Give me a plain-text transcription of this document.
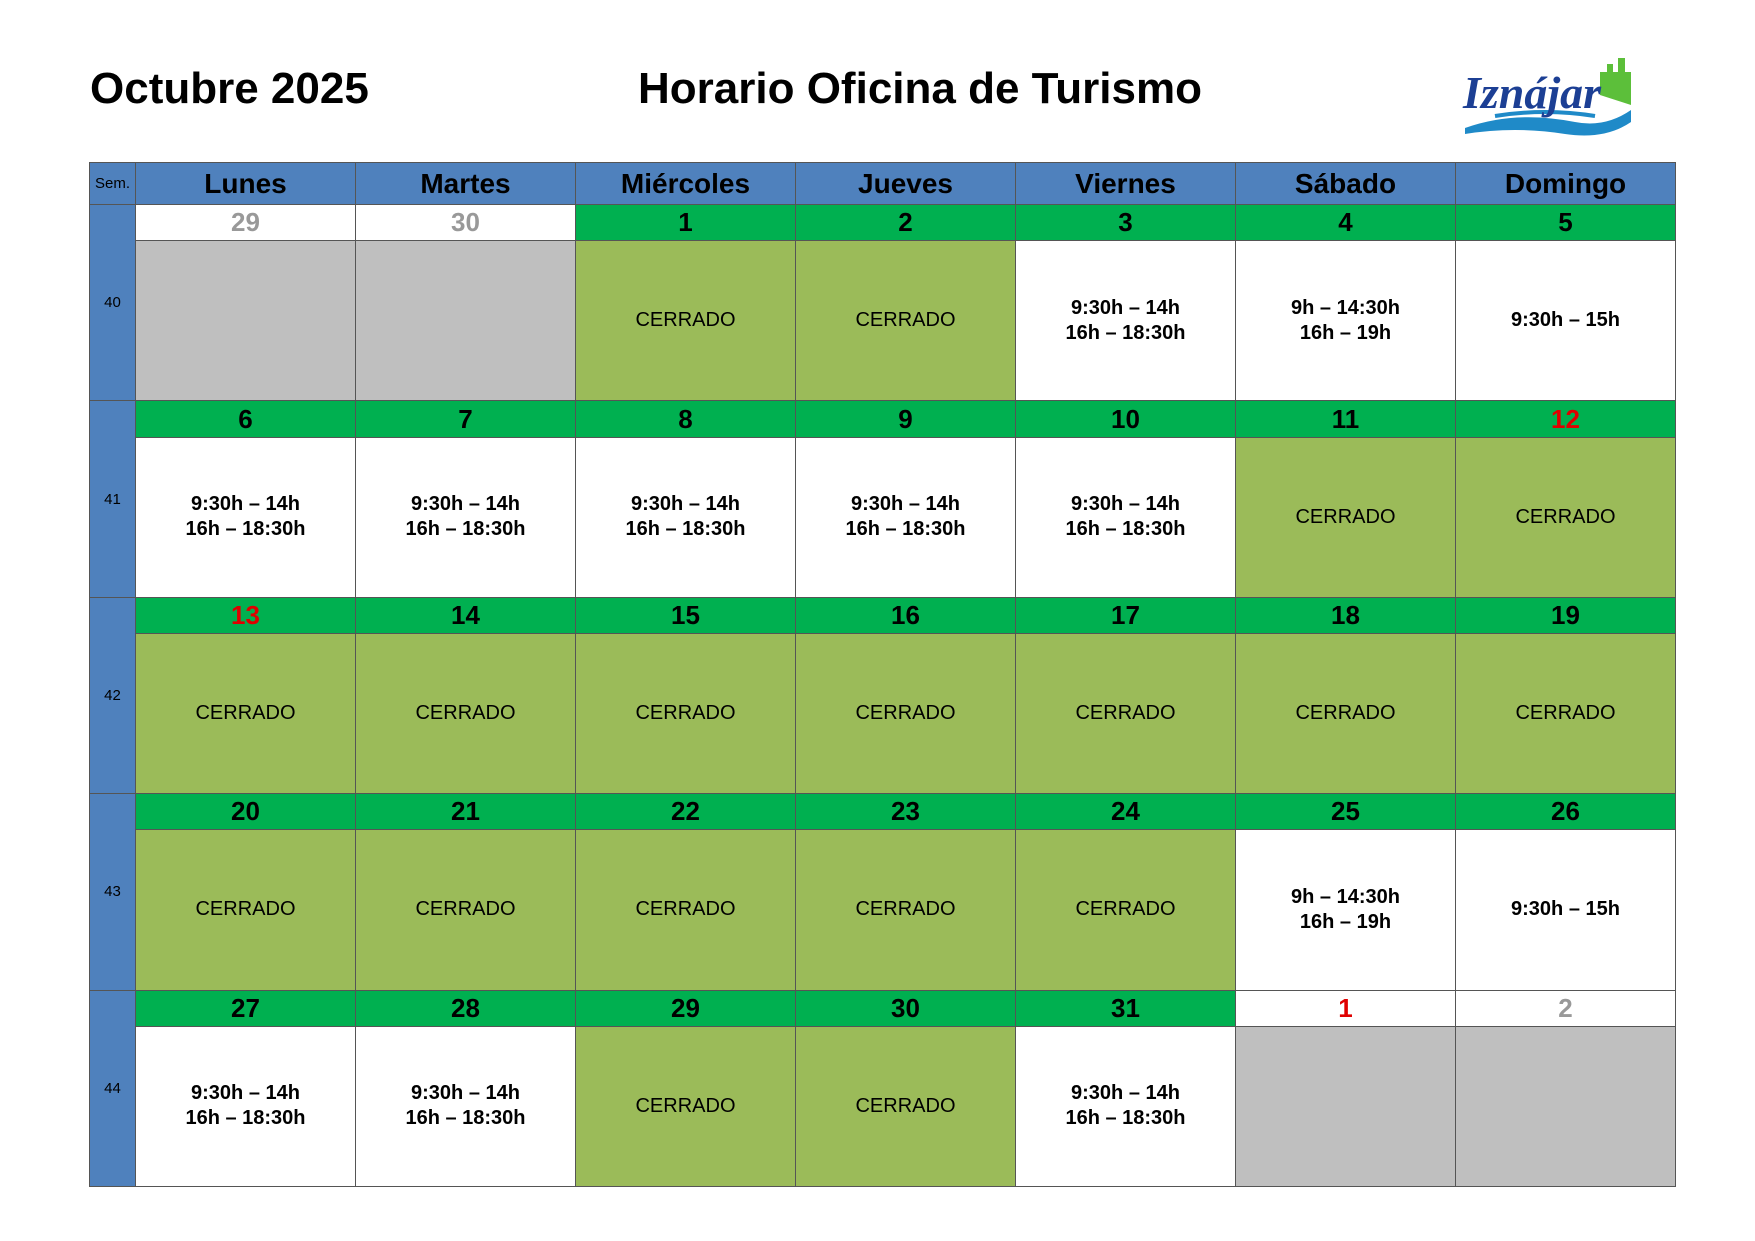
Octubre 2025	Horario Oficina de Turismo	Iznájar
Sem.	Lunes	Martes	Miércoles	Jueves	Viernes	Sábado	Domingo
40	29	30	1	2	3	4	5

			CERRADO	CERRADO	9:30h – 14h
16h – 18:30h	9h – 14:30h
16h – 19h	9:30h – 15h

41	6	7	8	9	10	11	12

	9:30h – 14h
16h – 18:30h	9:30h – 14h
16h – 18:30h	9:30h – 14h
16h – 18:30h	9:30h – 14h
16h – 18:30h	9:30h – 14h
16h – 18:30h	CERRADO	CERRADO

42	13	14	15	16	17	18	19

	CERRADO	CERRADO	CERRADO	CERRADO	CERRADO	CERRADO	CERRADO

43	20	21	22	23	24	25	26

	CERRADO	CERRADO	CERRADO	CERRADO	CERRADO	9h – 14:30h
16h – 19h	9:30h – 15h

44	27	28	29	30	31	1	2

	9:30h – 14h
16h – 18:30h	9:30h – 14h
16h – 18:30h	CERRADO	CERRADO	9:30h – 14h
16h – 18:30h		
